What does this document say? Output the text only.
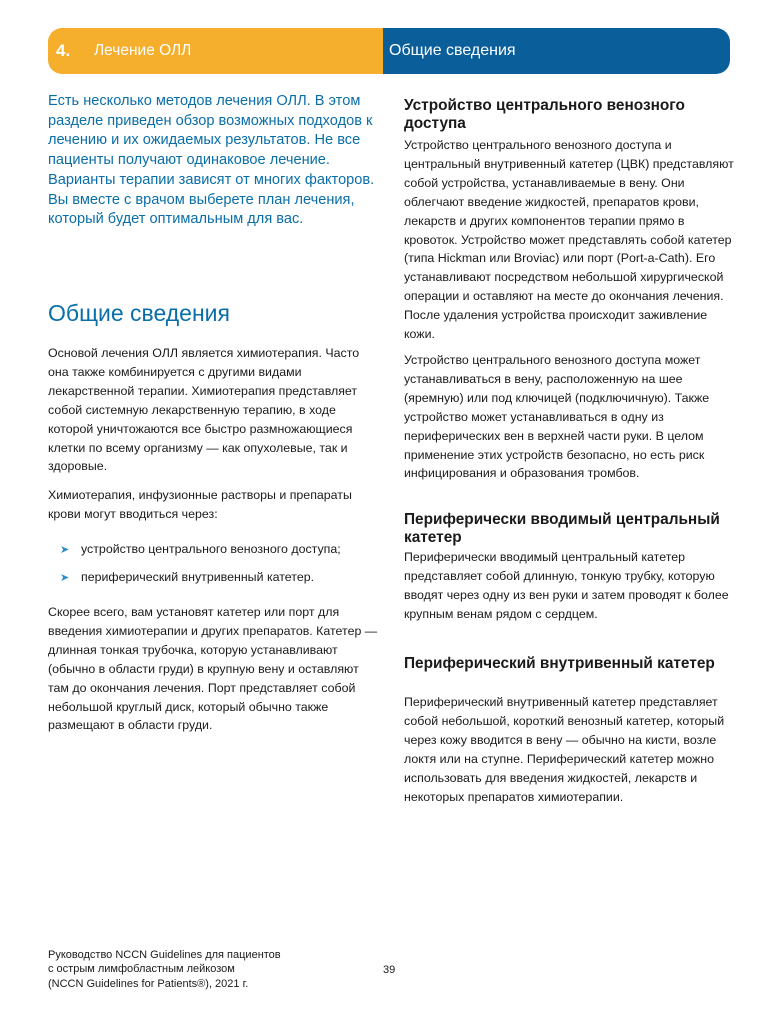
4.	Лечение ОЛЛ	Общие сведения

Есть несколько методов лечения ОЛЛ. В этом разделе приведен обзор возможных подходов к лечению и их ожидаемых результатов. Не все пациенты получают одинаковое лечение. Варианты терапии зависят от многих факторов. Вы вместе с врачом выберете план лечения, который будет оптимальным для вас.

Общие сведения

Основой лечения ОЛЛ является химиотерапия. Часто она также комбинируется с другими видами лекарственной терапии. Химиотерапия представляет собой системную лекарственную терапию, в ходе которой уничтожаются все быстро размножающиеся клетки по всему организму — как опухолевые, так и здоровые.

Химиотерапия, инфузионные растворы и препараты крови могут вводиться через:

➤ устройство центрального венозного доступа;
➤ периферический внутривенный катетер.

Скорее всего, вам установят катетер или порт для введения химиотерапии и других препаратов. Катетер — длинная тонкая трубочка, которую устанавливают (обычно в области груди) в крупную вену и оставляют там до окончания лечения. Порт представляет собой небольшой круглый диск, который обычно также размещают в области груди.

Устройство центрального венозного доступа

Устройство центрального венозного доступа и центральный внутривенный катетер (ЦВК) представляют собой устройства, устанавливаемые в вену. Они облегчают введение жидкостей, препаратов крови, лекарств и других компонентов терапии прямо в кровоток. Устройство может представлять собой катетер (типа Hickman или Broviac) или порт (Port-a-Cath). Его устанавливают посредством небольшой хирургической операции и оставляют на месте до окончания лечения. После удаления устройства происходит заживление кожи.

Устройство центрального венозного доступа может устанавливаться в вену, расположенную на шее (яремную) или под ключицей (подключичную). Также устройство может устанавливаться в одну из периферических вен в верхней части руки. В целом применение этих устройств безопасно, но есть риск инфицирования и образования тромбов.

Периферически вводимый центральный катетер

Периферически вводимый центральный катетер представляет собой длинную, тонкую трубку, которую вводят через одну из вен руки и затем проводят к более крупным венам рядом с сердцем.

Периферический внутривенный катетер

Периферический внутривенный катетер представляет собой небольшой, короткий венозный катетер, который через кожу вводится в вену — обычно на кисти, возле локтя или на ступне. Периферический катетер можно использовать для введения жидкостей, лекарств и некоторых препаратов химиотерапии.

Руководство NCCN Guidelines для пациентов
с острым лимфобластным лейкозом
(NCCN Guidelines for Patients®), 2021 г.
39
